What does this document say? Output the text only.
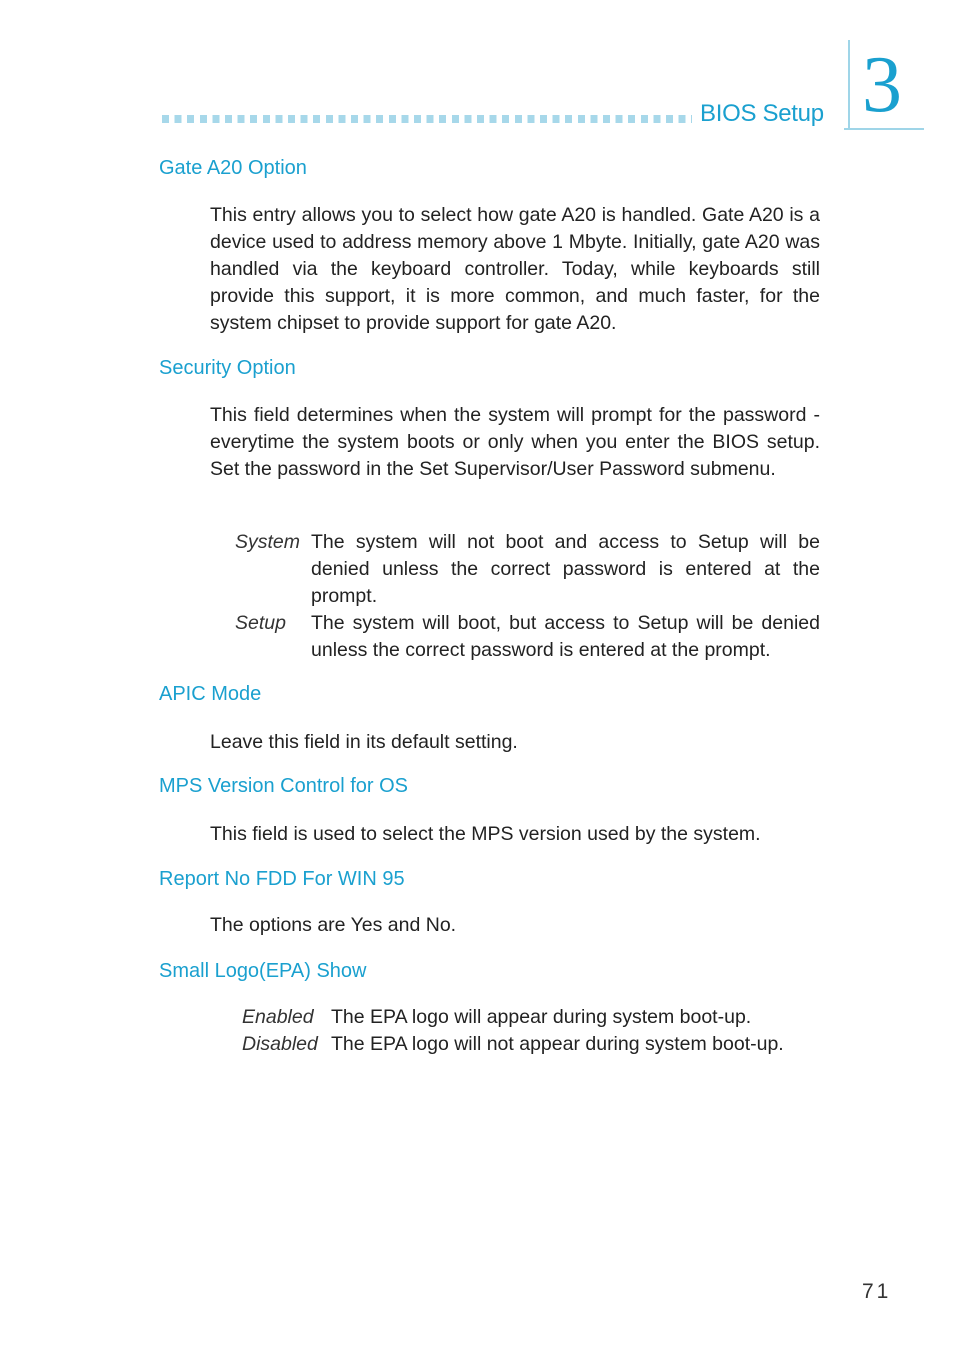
BIOS Setup 3
Gate A20 Option

This entry allows you to select how gate A20 is handled. Gate A20 is a device used to address memory above 1 Mbyte. Initially, gate A20 was handled via the keyboard controller. Today, while keyboards still provide this support, it is more common, and much faster, for the system chipset to provide support for gate A20.

Security Option

This field determines when the system will prompt for the password - everytime the system boots or only when you enter the BIOS setup. Set the password in the Set Supervisor/User Password submenu.

System The system will not boot and access to Setup will be denied unless the correct password is entered at the prompt.
Setup The system will boot, but access to Setup will be denied unless the correct password is entered at the prompt.
APIC Mode

Leave this field in its default setting.

MPS Version Control for OS

This field is used to select the MPS version used by the system.

Report No FDD For WIN 95

The options are Yes and No.

Small Logo(EPA) Show
Enabled The EPA logo will appear during system boot-up.
Disabled The EPA logo will not appear during system boot-up.
71
